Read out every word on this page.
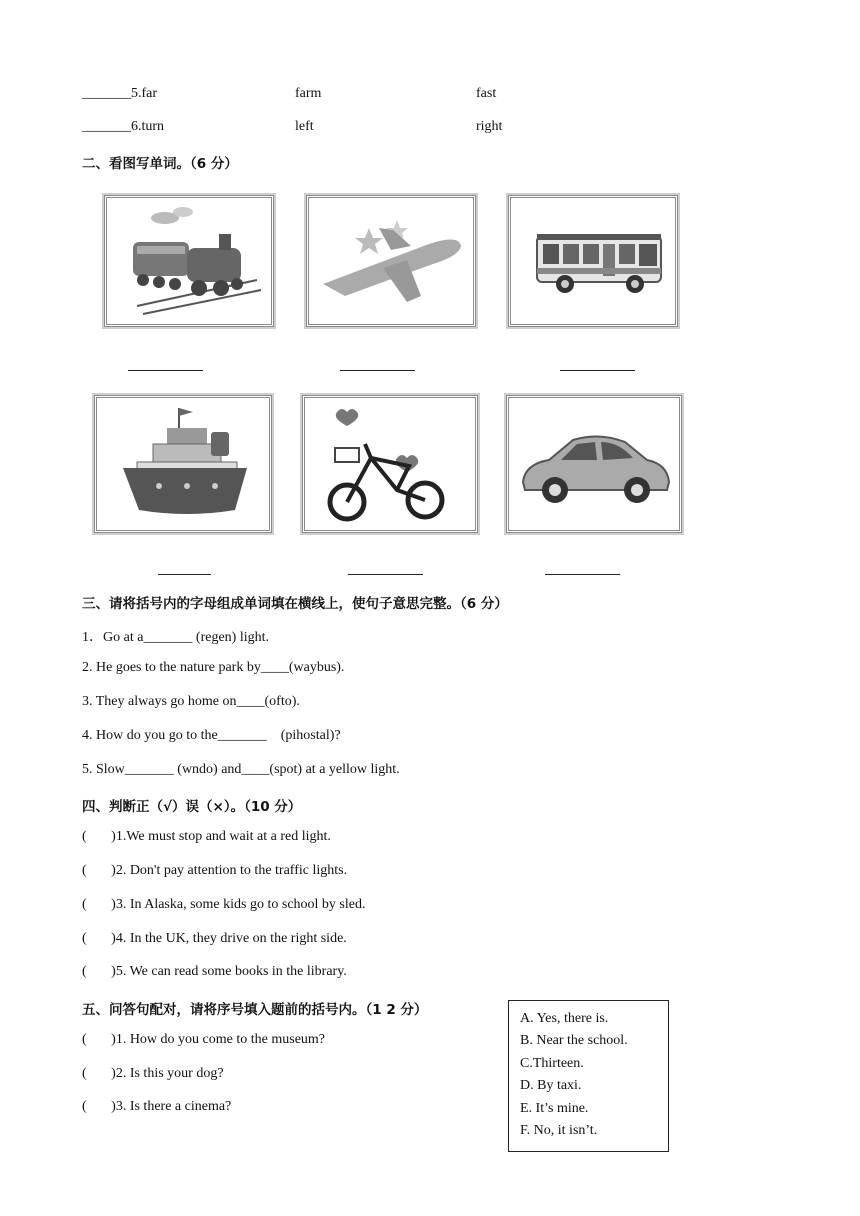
_______5.far	farm	fast
_______6.turn	left	right
二、看图写单词。（6 分）
三、请将括号内的字母组成单词填在横线上，使句子意思完整。（6 分）
1．Go at a_______ (regen) light.
2. He goes to the nature park by____(waybus).
3. They always go home on____(ofto).
4. How do you go to the_______    (pihostal)?
5. Slow_______ (wndo) and____(spot) at a yellow light.
四、判断正（√）误（×）。（10 分）
(       )1.We must stop and wait at a red light.
(       )2. Don't pay attention to the traffic lights.
(       )3. In Alaska, some kids go to school by sled.
(       )4. In the UK, they drive on the right side.
(       )5. We can read some books in the library.
五、问答句配对，请将序号填入题前的括号内。（1 2 分）
(       )1. How do you come to the museum?
(       )2. Is this your dog?
(       )3. Is there a cinema?
A. Yes, there is.
B. Near the school.
C.Thirteen.
D. By taxi.
E. It’s mine.
F. No, it isn’t.
